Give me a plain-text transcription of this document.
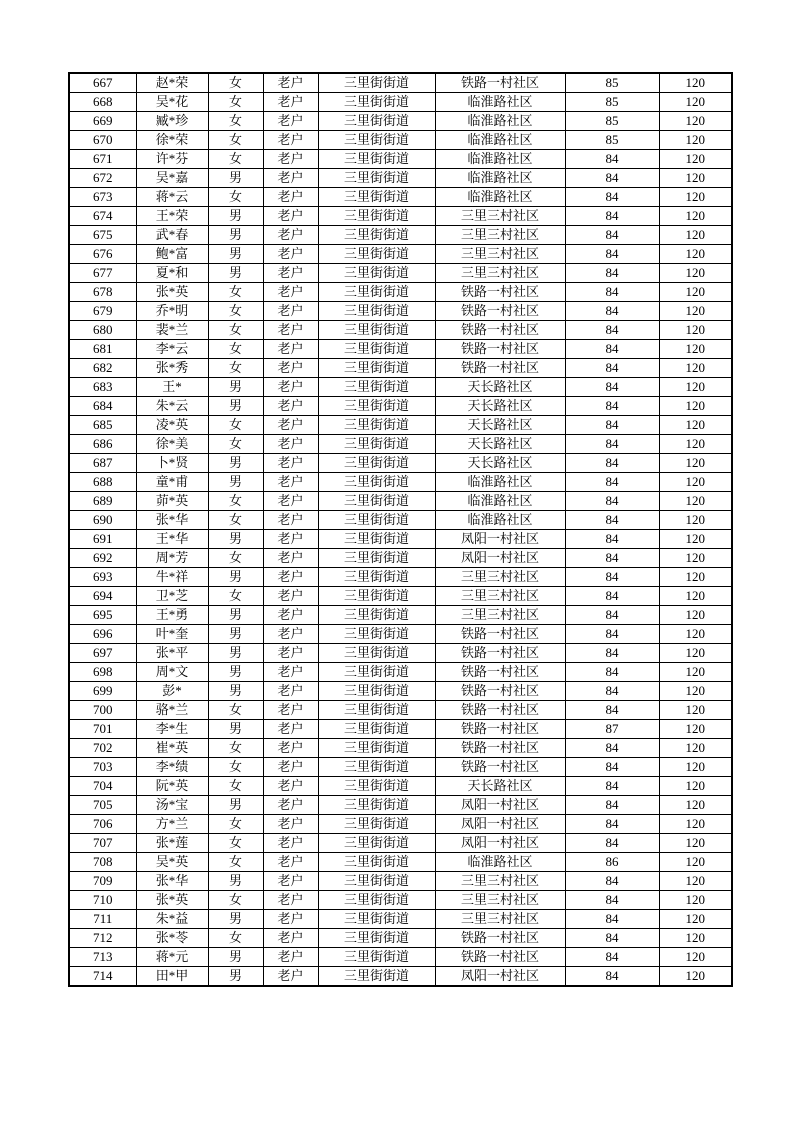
667	赵*荣	女	老户	三里街街道	铁路一村社区	85	120
668	吴*花	女	老户	三里街街道	临淮路社区	85	120
669	臧*珍	女	老户	三里街街道	临淮路社区	85	120
670	徐*荣	女	老户	三里街街道	临淮路社区	85	120
671	许*芬	女	老户	三里街街道	临淮路社区	84	120
672	吴*嘉	男	老户	三里街街道	临淮路社区	84	120
673	蒋*云	女	老户	三里街街道	临淮路社区	84	120
674	王*荣	男	老户	三里街街道	三里三村社区	84	120
675	武*春	男	老户	三里街街道	三里三村社区	84	120
676	鲍*富	男	老户	三里街街道	三里三村社区	84	120
677	夏*和	男	老户	三里街街道	三里三村社区	84	120
678	张*英	女	老户	三里街街道	铁路一村社区	84	120
679	乔*明	女	老户	三里街街道	铁路一村社区	84	120
680	裴*兰	女	老户	三里街街道	铁路一村社区	84	120
681	李*云	女	老户	三里街街道	铁路一村社区	84	120
682	张*秀	女	老户	三里街街道	铁路一村社区	84	120
683	王*	男	老户	三里街街道	天长路社区	84	120
684	朱*云	男	老户	三里街街道	天长路社区	84	120
685	凌*英	女	老户	三里街街道	天长路社区	84	120
686	徐*美	女	老户	三里街街道	天长路社区	84	120
687	卜*贤	男	老户	三里街街道	天长路社区	84	120
688	童*甫	男	老户	三里街街道	临淮路社区	84	120
689	茆*英	女	老户	三里街街道	临淮路社区	84	120
690	张*华	女	老户	三里街街道	临淮路社区	84	120
691	王*华	男	老户	三里街街道	凤阳一村社区	84	120
692	周*芳	女	老户	三里街街道	凤阳一村社区	84	120
693	牛*祥	男	老户	三里街街道	三里三村社区	84	120
694	卫*芝	女	老户	三里街街道	三里三村社区	84	120
695	王*勇	男	老户	三里街街道	三里三村社区	84	120
696	叶*奎	男	老户	三里街街道	铁路一村社区	84	120
697	张*平	男	老户	三里街街道	铁路一村社区	84	120
698	周*文	男	老户	三里街街道	铁路一村社区	84	120
699	彭*	男	老户	三里街街道	铁路一村社区	84	120
700	骆*兰	女	老户	三里街街道	铁路一村社区	84	120
701	李*生	男	老户	三里街街道	铁路一村社区	87	120
702	崔*英	女	老户	三里街街道	铁路一村社区	84	120
703	李*绩	女	老户	三里街街道	铁路一村社区	84	120
704	阮*英	女	老户	三里街街道	天长路社区	84	120
705	汤*宝	男	老户	三里街街道	凤阳一村社区	84	120
706	方*兰	女	老户	三里街街道	凤阳一村社区	84	120
707	张*莲	女	老户	三里街街道	凤阳一村社区	84	120
708	吴*英	女	老户	三里街街道	临淮路社区	86	120
709	张*华	男	老户	三里街街道	三里三村社区	84	120
710	张*英	女	老户	三里街街道	三里三村社区	84	120
711	朱*益	男	老户	三里街街道	三里三村社区	84	120
712	张*苓	女	老户	三里街街道	铁路一村社区	84	120
713	蒋*元	男	老户	三里街街道	铁路一村社区	84	120
714	田*甲	男	老户	三里街街道	凤阳一村社区	84	120
